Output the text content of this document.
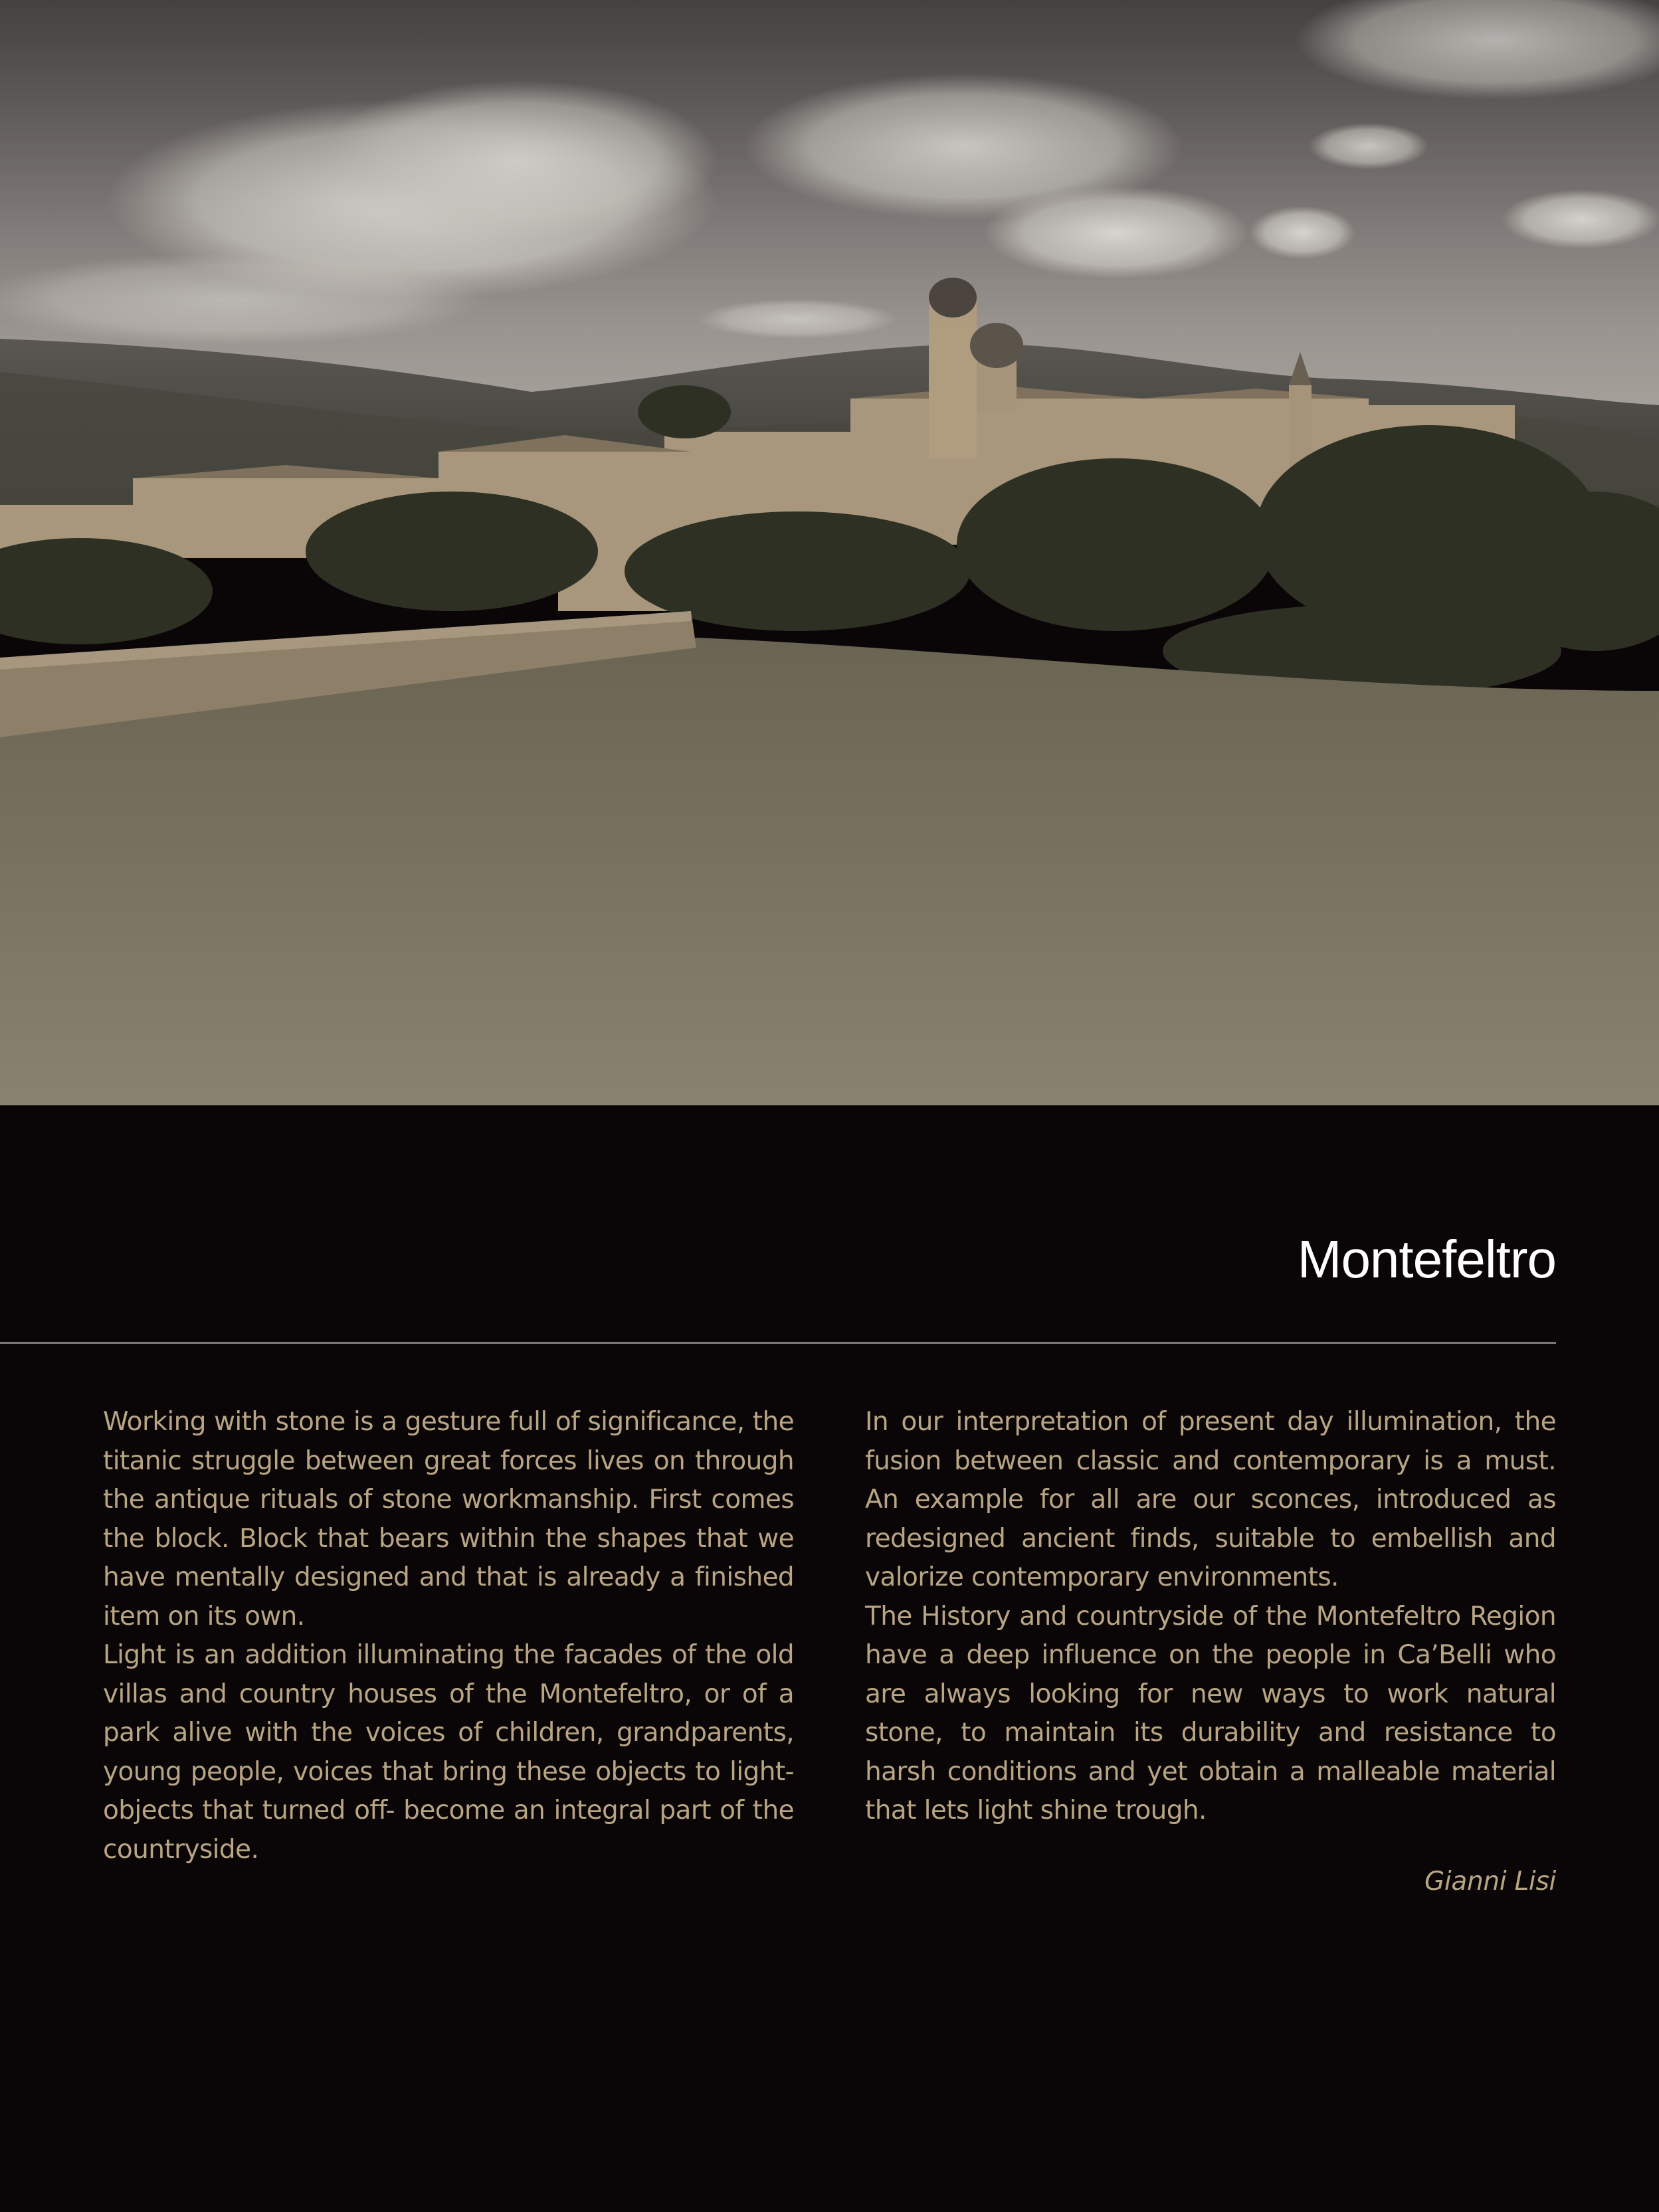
Montefeltro

Working with stone is a gesture full of significance, the titanic struggle between great forces lives on through the antique rituals of stone workmanship. First comes the block. Block that bears within the shapes that we have mentally designed and that is already a finished item on its own.

Light is an addition illuminating the facades of the old villas and country houses of the Montefeltro, or of a park alive with the voices of children, grandparents, young people, voices that bring these objects to light- objects that turned off- become an integral part of the countryside.

In our interpretation of present day illumination, the fusion between classic and contemporary is a must. An example for all are our sconces, introduced as redesigned ancient finds, suitable to embellish and valorize contemporary environments.

The History and countryside of the Montefeltro Region have a deep influence on the people in Ca’Belli who are always looking for new ways to work natural stone, to maintain its durability and resistance to harsh conditions and yet obtain a malleable material that lets light shine trough.

Gianni Lisi
